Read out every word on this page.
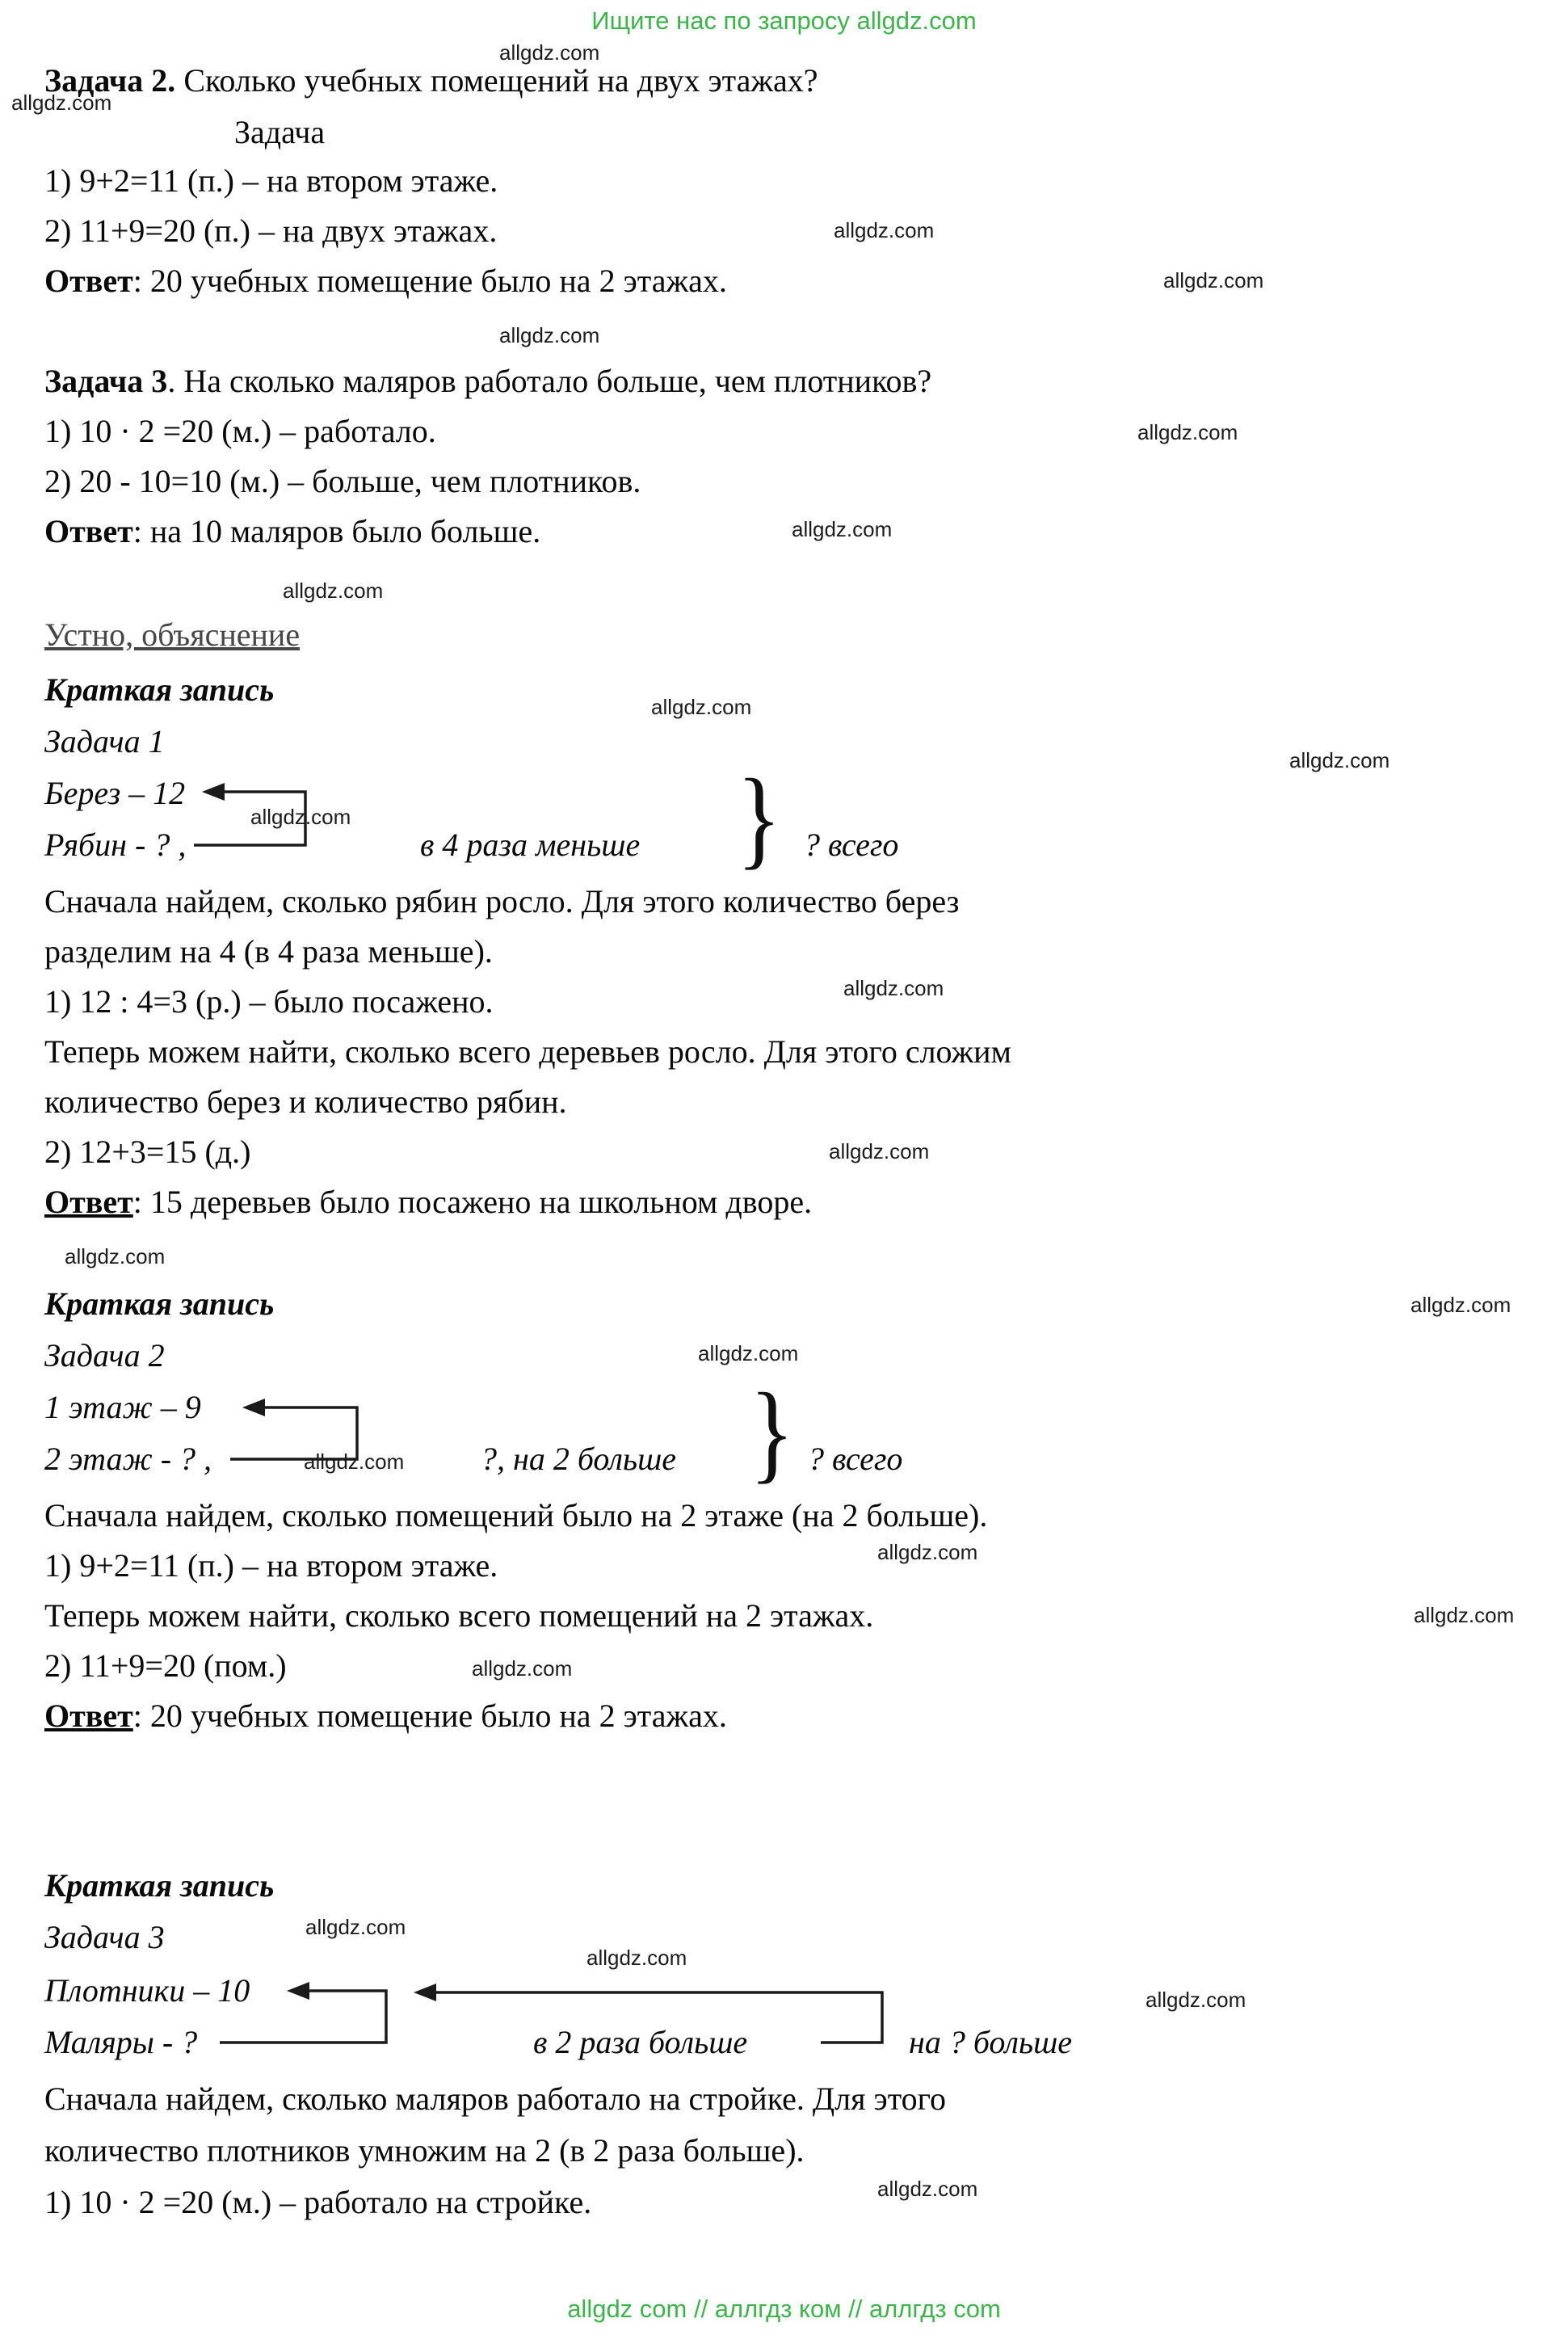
Ищите нас по запросу allgdz.com
Задача 2. Сколько учебных помещений на двух этажах?
Задача
1) 9+2=11 (п.) – на втором этаже.
2) 11+9=20 (п.) – на двух этажах.
Ответ: 20 учебных помещение было на 2 этажах.
Задача 3. На сколько маляров работало больше, чем плотников?
1) 10 · 2 =20 (м.) – работало.
2) 20 - 10=10 (м.) – больше, чем плотников.
Ответ: на 10 маляров было больше.
Устно, объяснение
Краткая запись
Задача 1
Берез – 12
Рябин - ? ,	в 4 раза меньше } ? всего
Сначала найдем, сколько рябин росло. Для этого количество берез
разделим на 4 (в 4 раза меньше).
1) 12 : 4=3 (р.) – было посажено.
Теперь можем найти, сколько всего деревьев росло. Для этого сложим
количество берез и количество рябин.
2) 12+3=15 (д.)
Ответ: 15 деревьев было посажено на школьном дворе.
Краткая запись
Задача 2
1 этаж – 9
2 этаж - ? ,	?, на 2 больше } ? всего
Сначала найдем, сколько помещений было на 2 этаже (на 2 больше).
1) 9+2=11 (п.) – на втором этаже.
Теперь можем найти, сколько всего помещений на 2 этажах.
2) 11+9=20 (пом.)
Ответ: 20 учебных помещение было на 2 этажах.
Краткая запись
Задача 3
Плотники – 10
Маляры - ?	в 2 раза больше	на ? больше
Сначала найдем, сколько маляров работало на стройке. Для этого
количество плотников умножим на 2 (в 2 раза больше).
1) 10 · 2 =20 (м.) – работало на стройке.
allgdz com // аллгдз ком // аллгдз com
allgdz.com
allgdz.com
allgdz.com
allgdz.com
allgdz.com
allgdz.com
allgdz.com
allgdz.com
allgdz.com
allgdz.com
allgdz.com
allgdz.com
allgdz.com
allgdz.com
allgdz.com
allgdz.com
allgdz.com
allgdz.com
allgdz.com
allgdz.com
allgdz.com
allgdz.com
allgdz.com
allgdz.com
